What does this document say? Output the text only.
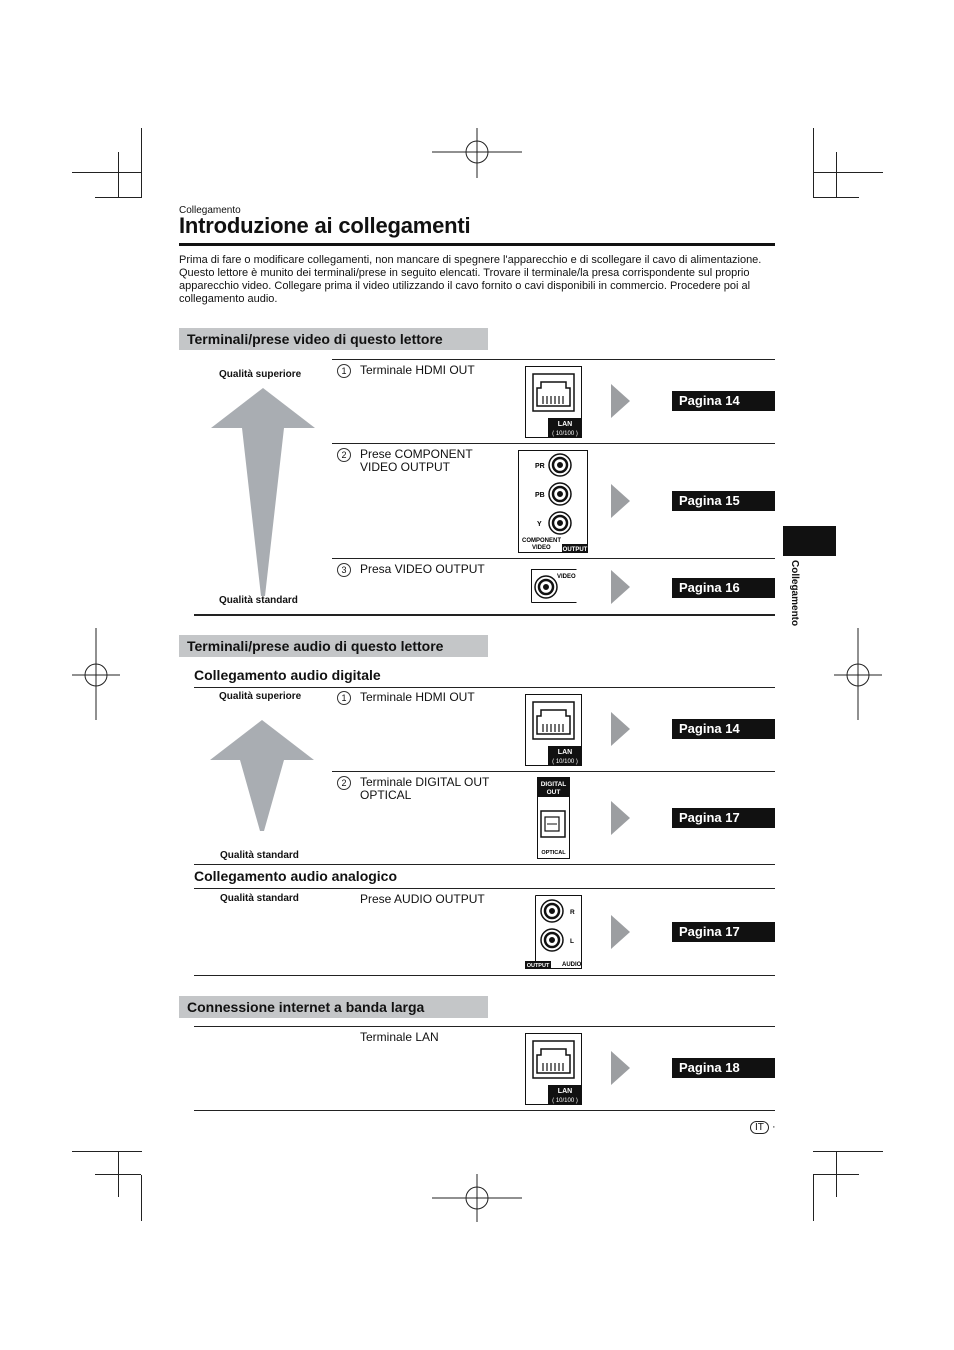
Collegamento
Introduzione ai collegamenti
Prima di fare o modificare collegamenti, non mancare di spegnere l'apparecchio e di scollegare il cavo di alimentazione.
Questo lettore è munito dei terminali/prese in seguito elencati. Trovare il terminale/la presa corrispondente sul proprio apparecchio video. Collegare prima il video utilizzando il cavo fornito o cavi disponibili in commercio. Procedere poi al collegamento audio.
Collegamento
Terminali/prese video di questo lettore
Qualità superiore
Qualità standard
1	Terminale HDMI OUT
LAN
( 10/100 )
Pagina 14
2	Prese COMPONENT
VIDEO OUTPUT	PR
PB
Y
COMPONENT
VIDEO OUTPUT
Pagina 15
3	Presa VIDEO OUTPUT
VIDEO
Pagina 16
Terminali/prese audio di questo lettore
Collegamento audio digitale
Qualità superiore
Qualità standard
1	Terminale HDMI OUT
LAN
( 10/100 )
Pagina 14
2	Terminale DIGITAL OUT
OPTICAL
DIGITAL
OUT
OPTICAL
Pagina 17
Collegamento audio analogico
Qualità standard	Prese AUDIO OUTPUT
R
L
OUTPUT AUDIO
Pagina 17
Connessione internet a banda larga
Terminale LAN
LAN
( 10/100 )
Pagina 18
IT ·
